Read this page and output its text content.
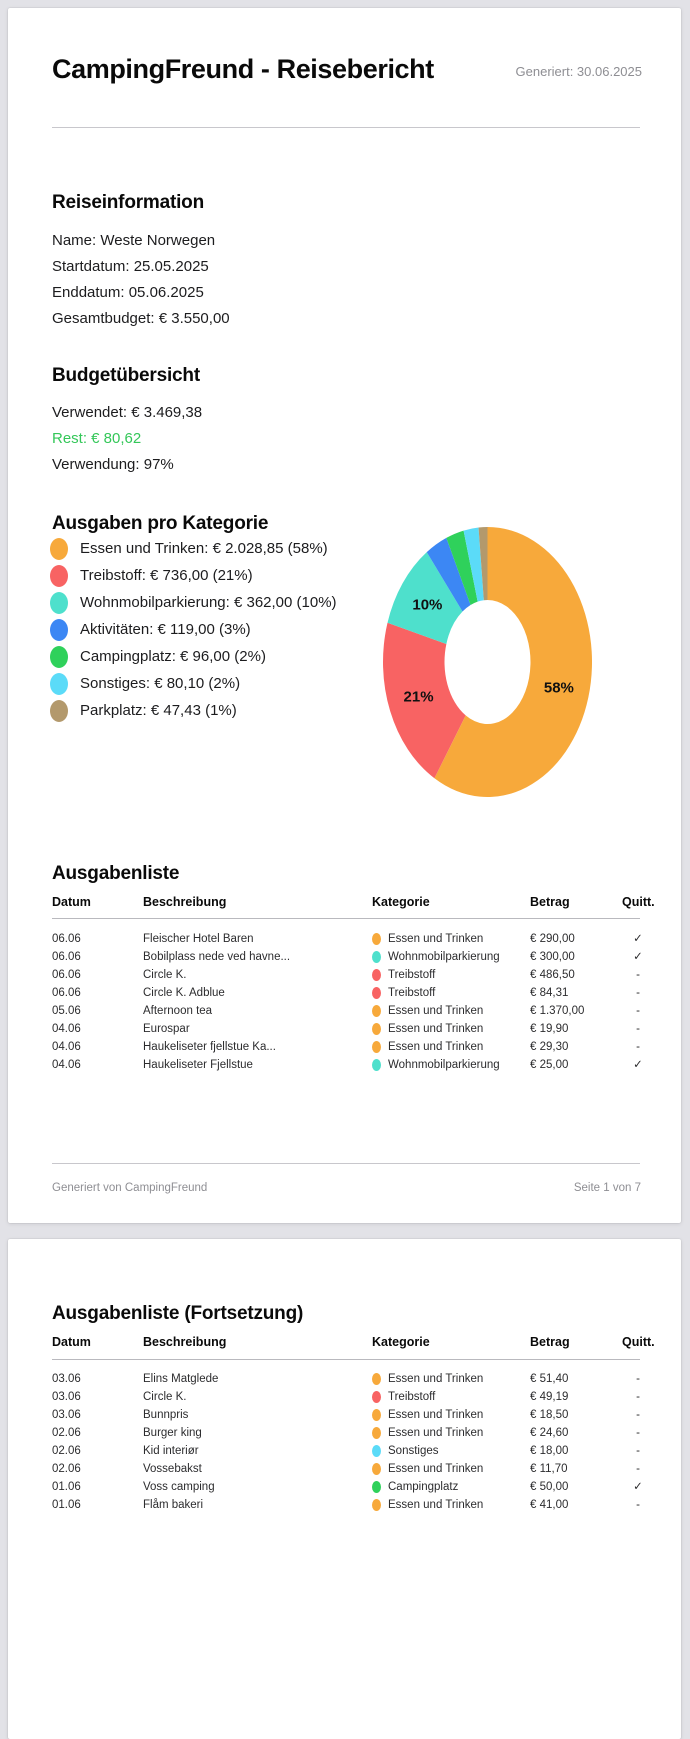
CampingFreund - Reisebericht	Generiert: 30.06.2025
Reiseinformation
Name: Weste Norwegen
Startdatum: 25.05.2025
Enddatum: 05.06.2025
Gesamtbudget: € 3.550,00
Budgetübersicht
Verwendet: € 3.469,38
Rest: € 80,62
Verwendung: 97%
Ausgaben pro Kategorie
Essen und Trinken: € 2.028,85 (58%)
Treibstoff: € 736,00 (21%)
Wohnmobilparkierung: € 362,00 (10%)
Aktivitäten: € 119,00 (3%)
Campingplatz: € 96,00 (2%)
Sonstiges: € 80,10 (2%)
Parkplatz: € 47,43 (1%)
58%
21%
10%
Ausgabenliste
Datum	Beschreibung	Kategorie	Betrag	Quitt.
06.06	Fleischer Hotel Baren	Essen und Trinken	€ 290,00	✓
06.06	Bobilplass nede ved havne...	Wohnmobilparkierung	€ 300,00	✓
06.06	Circle K.	Treibstoff	€ 486,50	-
06.06	Circle K. Adblue	Treibstoff	€ 84,31	-
05.06	Afternoon tea	Essen und Trinken	€ 1.370,00	-
04.06	Eurospar	Essen und Trinken	€ 19,90	-
04.06	Haukeliseter fjellstue Ka...	Essen und Trinken	€ 29,30	-
04.06	Haukeliseter Fjellstue	Wohnmobilparkierung	€ 25,00	✓
Generiert von CampingFreund	Seite 1 von 7
Ausgabenliste (Fortsetzung)
Datum	Beschreibung	Kategorie	Betrag	Quitt.
03.06	Elins Matglede	Essen und Trinken	€ 51,40	-
03.06	Circle K.	Treibstoff	€ 49,19	-
03.06	Bunnpris	Essen und Trinken	€ 18,50	-
02.06	Burger king	Essen und Trinken	€ 24,60	-
02.06	Kid interiør	Sonstiges	€ 18,00	-
02.06	Vossebakst	Essen und Trinken	€ 11,70	-
01.06	Voss camping	Campingplatz	€ 50,00	✓
01.06	Flåm bakeri	Essen und Trinken	€ 41,00	-
